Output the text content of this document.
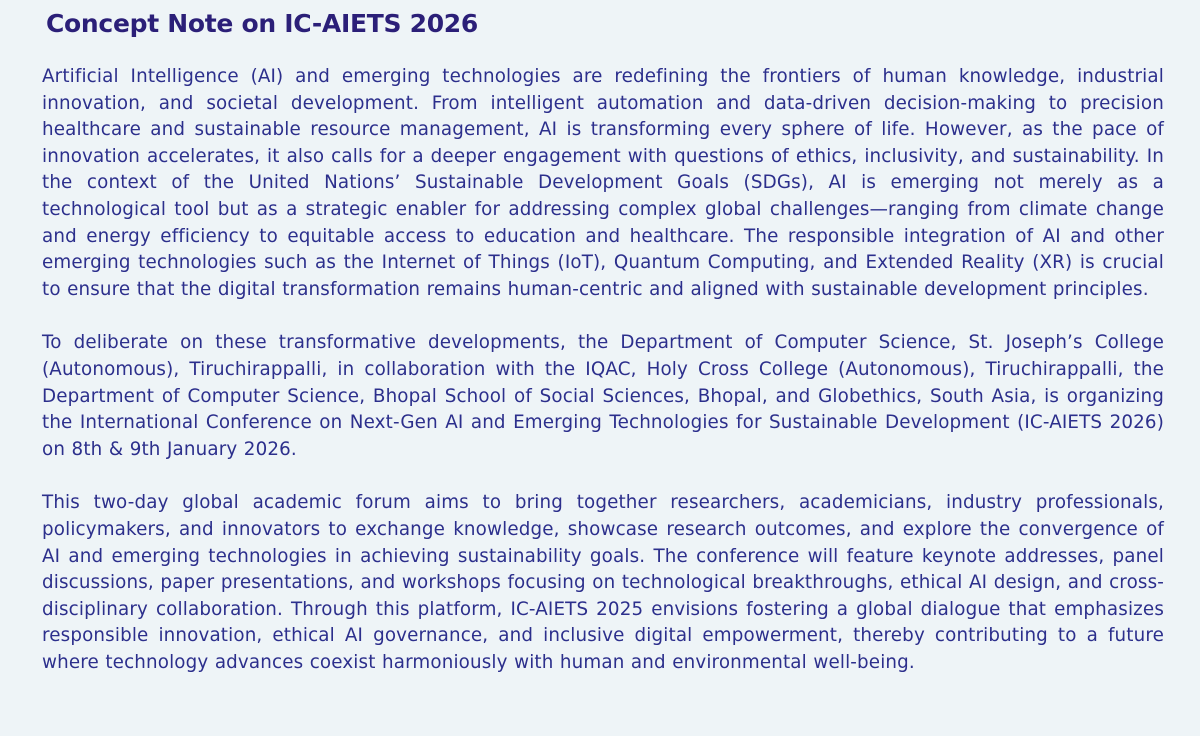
Concept Note on IC-AIETS 2026

Artificial Intelligence (AI) and emerging technologies are redefining the frontiers of human knowledge, industrial innovation, and societal development. From intelligent automation and data-driven decision-making to precision healthcare and sustainable resource management, AI is transforming every sphere of life. However, as the pace of innovation accelerates, it also calls for a deeper engagement with questions of ethics, inclusivity, and sustainability. In the context of the United Nations’ Sustainable Development Goals (SDGs), AI is emerging not merely as a technological tool but as a strategic enabler for addressing complex global challenges—ranging from climate change and energy efficiency to equitable access to education and healthcare. The responsible integration of AI and other emerging technologies such as the Internet of Things (IoT), Quantum Computing, and Extended Reality (XR) is crucial to ensure that the digital transformation remains human-centric and aligned with sustainable development principles.

To deliberate on these transformative developments, the Department of Computer Science, St. Joseph’s College (Autonomous), Tiruchirappalli, in collaboration with the IQAC, Holy Cross College (Autonomous), Tiruchirappalli, the Department of Computer Science, Bhopal School of Social Sciences, Bhopal, and Globethics, South Asia, is organizing the International Conference on Next-Gen AI and Emerging Technologies for Sustainable Development (IC-AIETS 2026) on 8th & 9th January 2026.

This two-day global academic forum aims to bring together researchers, academicians, industry professionals, policymakers, and innovators to exchange knowledge, showcase research outcomes, and explore the convergence of AI and emerging technologies in achieving sustainability goals. The conference will feature keynote addresses, panel discussions, paper presentations, and workshops focusing on technological breakthroughs, ethical AI design, and cross-disciplinary collaboration. Through this platform, IC-AIETS 2025 envisions fostering a global dialogue that emphasizes responsible innovation, ethical AI governance, and inclusive digital empowerment, thereby contributing to a future where technology advances coexist harmoniously with human and environmental well-being.
